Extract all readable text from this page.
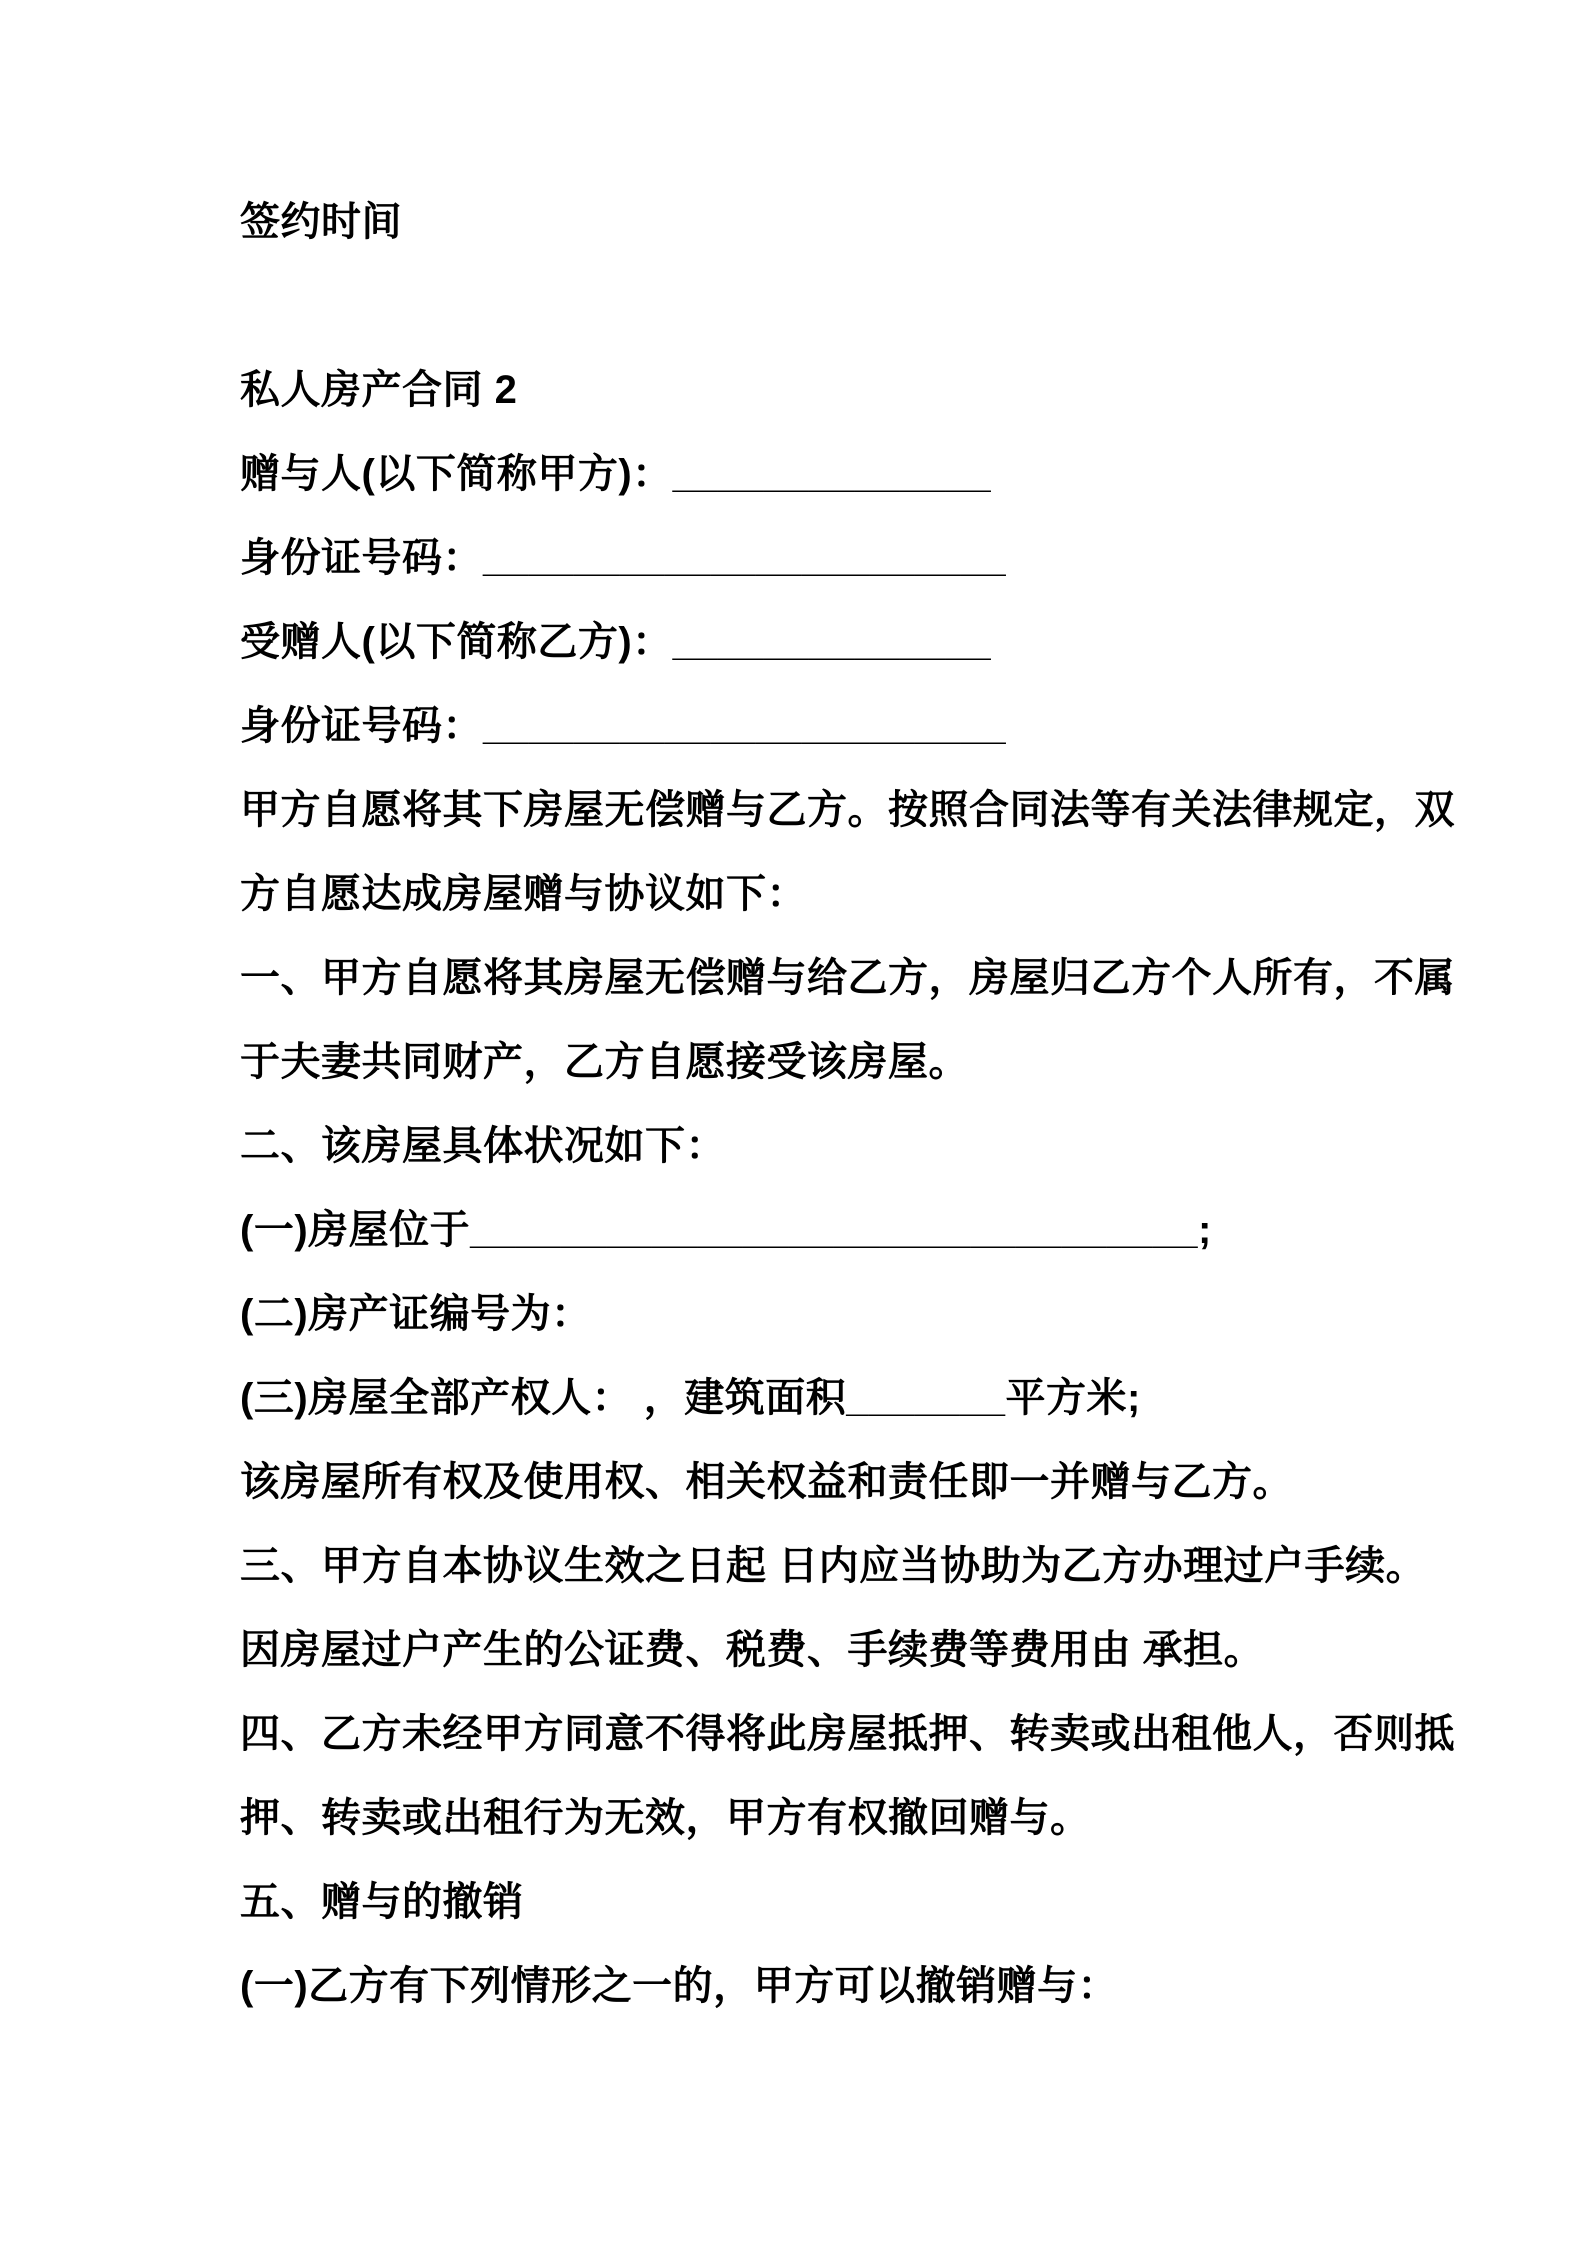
签约时间
私人房产合同 2
赠与人(以下简称甲方)：______________
身份证号码：_______________________
受赠人(以下简称乙方)：______________
身份证号码：_______________________
甲方自愿将其下房屋无偿赠与乙方。按照合同法等有关法律规定，双
方自愿达成房屋赠与协议如下：
一、甲方自愿将其房屋无偿赠与给乙方，房屋归乙方个人所有，不属
于夫妻共同财产，乙方自愿接受该房屋。
二、该房屋具体状况如下：
(一)房屋位于________________________________;
(二)房产证编号为：
(三)房屋全部产权人： ，建筑面积_______平方米;
该房屋所有权及使用权、相关权益和责任即一并赠与乙方。
三、甲方自本协议生效之日起 日内应当协助为乙方办理过户手续。
因房屋过户产生的公证费、税费、手续费等费用由 承担。
四、乙方未经甲方同意不得将此房屋抵押、转卖或出租他人，否则抵
押、转卖或出租行为无效，甲方有权撤回赠与。
五、赠与的撤销
(一)乙方有下列情形之一的，甲方可以撤销赠与：
